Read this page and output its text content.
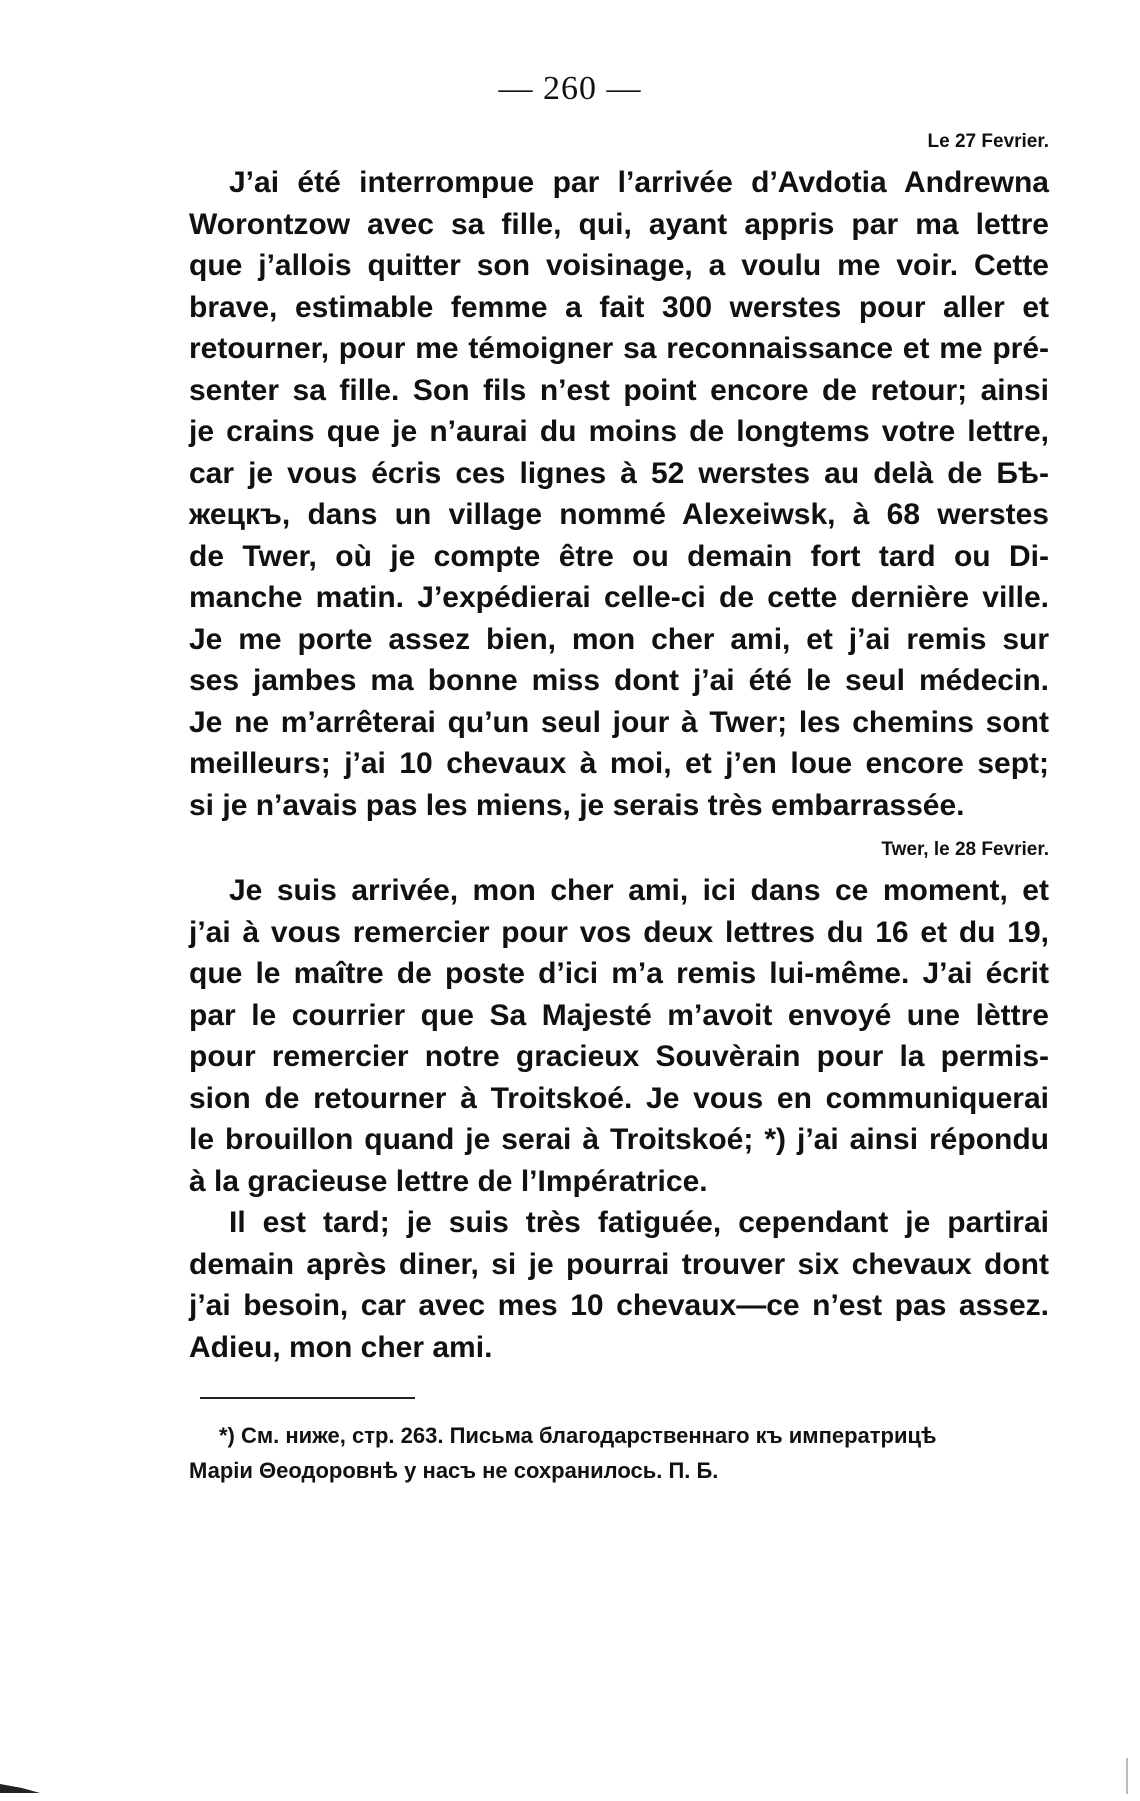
— 260 —
Le 27 Fevrier.

J’ai été interrompue par l’arrivée d’Avdotia Andrewna
Worontzow avec sa fille, qui, ayant appris par ma lettre
que j’allois quitter son voisinage, a voulu me voir. Cette
brave, estimable femme a fait 300 werstes pour aller et
retourner, pour me témoigner sa reconnaissance et me pré-
senter sa fille. Son fils n’est point encore de retour; ainsi
je crains que je n’aurai du moins de longtems votre lettre,
car je vous écris ces lignes à 52 werstes au delà de Бѣ-
жецкъ, dans un village nommé Alexeiwsk, à 68 werstes
de Twer, où je compte être ou demain fort tard ou Di-
manche matin. J’expédierai celle-ci de cette dernière ville.
Je me porte assez bien, mon cher ami, et j’ai remis sur
ses jambes ma bonne miss dont j’ai été le seul médecin.
Je ne m’arrêterai qu’un seul jour à Twer; les chemins sont
meilleurs; j’ai 10 chevaux à moi, et j’en loue encore sept;
si je n’avais pas les miens, je serais très embarrassée.

Twer, le 28 Fevrier.

Je suis arrivée, mon cher ami, ici dans ce moment, et
j’ai à vous remercier pour vos deux lettres du 16 et du 19,
que le maître de poste d’ici m’a remis lui-même. J’ai écrit
par le courrier que Sa Majesté m’avoit envoyé une lèttre
pour remercier notre gracieux Souvèrain pour la permis-
sion de retourner à Troitskoé. Je vous en communiquerai
le brouillon quand je serai à Troitskoé; *) j’ai ainsi répondu
à la gracieuse lettre de l’Impératrice.

Il est tard; je suis très fatiguée, cependant je partirai
demain après diner, si je pourrai trouver six chevaux dont
j’ai besoin, car avec mes 10 chevaux—ce n’est pas assez.
Adieu, mon cher ami.

*) См. ниже, стр. 263. Письма благодарственнаго къ императрицѣ
Маріи Θеодоровнѣ у насъ не сохранилось. П. Б.
